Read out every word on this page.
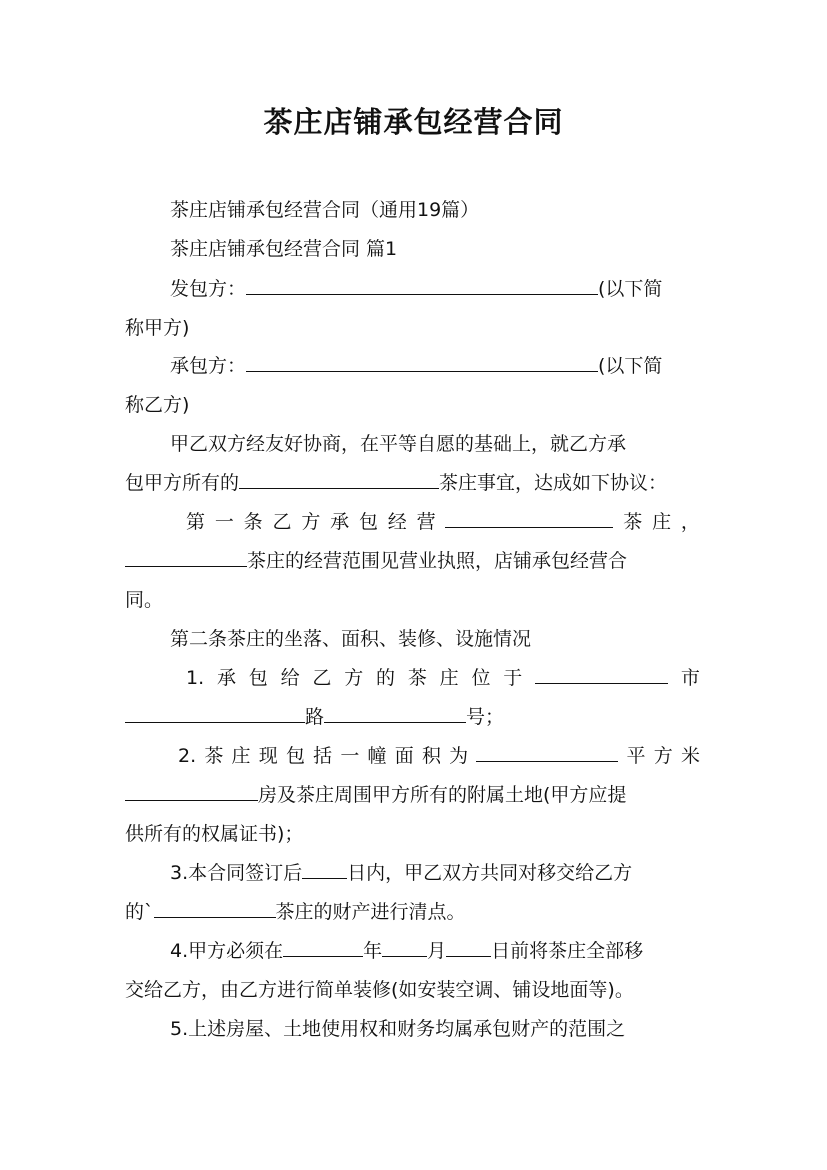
茶庄店铺承包经营合同
茶庄店铺承包经营合同（通用19篇）
茶庄店铺承包经营合同 篇1
发包方：	(以下简
称甲方)
承包方：	(以下简
称乙方)
甲乙双方经友好协商，在平等自愿的基础上，就乙方承
包甲方所有的	茶庄事宜，达成如下协议：
第 一 条 乙 方 承 包 经 营	茶 庄 ，
茶庄的经营范围见营业执照，店铺承包经营合
同。
第二条茶庄的坐落、面积、装修、设施情况
1. 承 包 给 乙 方 的 茶 庄 位 于	市
路	号；
2. 茶 庄 现 包 括 一 幢 面 积 为	平 方 米
房及茶庄周围甲方所有的附属土地(甲方应提
供所有的权属证书)；
3.本合同签订后 日内，甲乙双方共同对移交给乙方
的`	茶庄的财产进行清点。
4.甲方必须在	年 月 日前将茶庄全部移
交给乙方，由乙方进行简单装修(如安装空调、铺设地面等)。
5.上述房屋、土地使用权和财务均属承包财产的范围之
